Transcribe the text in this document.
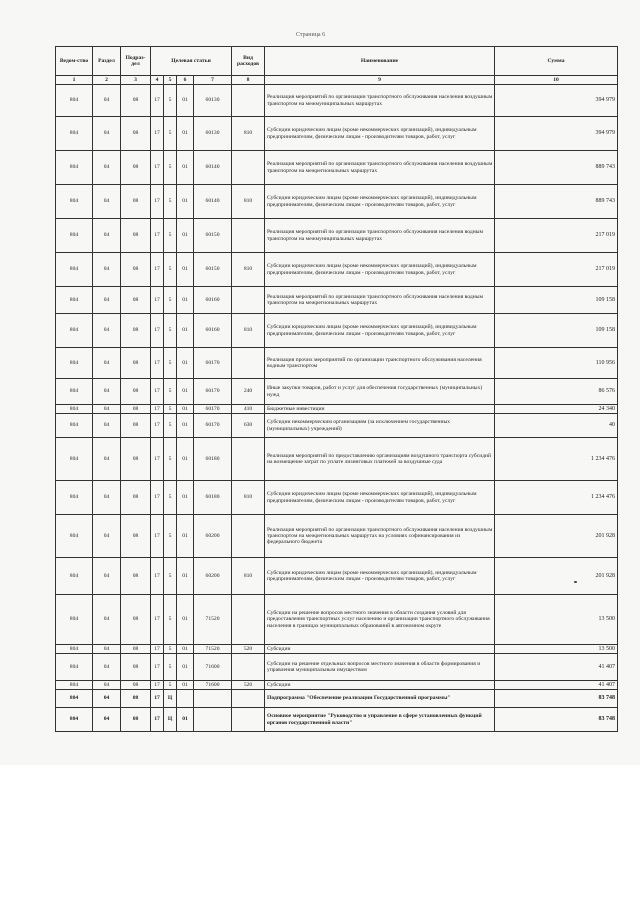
Страница 6
Ведом-ство	Раздел	Подраз-дел	Целевая статьи				Вид расходов	Наименование	Сумма
1	2	3	4	5	6	7	8	9	10
804	04	08	17	5	01	60130		Реализация мероприятий по организации транспортного обслуживания населения воздушным транспортом на межмуниципальных маршрутах	394 979
804	04	08	17	5	01	60130	810	Субсидии юридическим лицам (кроме некоммерческих организаций), индивидуальным предпринимателям, физическим лицам - производителям товаров, работ, услуг	394 979
804	04	08	17	5	01	60140		Реализация мероприятий по организации транспортного обслуживания населения воздушным транспортом на межрегиональных маршрутах	889 743
804	04	08	17	5	01	60140	810	Субсидии юридическим лицам (кроме некоммерческих организаций), индивидуальным предпринимателям, физическим лицам - производителям товаров, работ, услуг	889 743
804	04	08	17	5	01	60150		Реализация мероприятий по организации транспортного обслуживания населения водным транспортом на межмуниципальных маршрутах	217 019
804	04	08	17	5	01	60150	810	Субсидии юридическим лицам (кроме некоммерческих организаций), индивидуальным предпринимателям, физическим лицам - производителям товаров, работ, услуг	217 019
804	04	08	17	5	01	60160		Реализация мероприятий по организации транспортного обслуживания населения водным транспортом на межрегиональных маршрутах	109 158
804	04	08	17	5	01	60160	810	Субсидии юридическим лицам (кроме некоммерческих организаций), индивидуальным предпринимателям, физическим лицам - производителям товаров, работ, услуг	109 158
804	04	08	17	5	01	60170		Реализация прочих мероприятий по организации транспортного обслуживания населения водным транспортом	110 956
804	04	08	17	5	01	60170	240	Иные закупки товаров, работ и услуг для обеспечения государственных (муниципальных) нужд	86 576
804	04	08	17	5	01	60170	410	Бюджетные инвестиции	24 340
804	04	08	17	5	01	60170	630	Субсидии некоммерческим организациям (за исключением государственных (муниципальных) учреждений)	40
804	04	08	17	5	01	60180		Реализация мероприятий по предоставлению организациям воздушного транспорта субсидий на возмещение затрат по уплате лизинговых платежей за воздушные суда	1 234 476
804	04	08	17	5	01	60180	810	Субсидии юридическим лицам (кроме некоммерческих организаций), индивидуальным предпринимателям, физическим лицам - производителям товаров, работ, услуг	1 234 476
804	04	08	17	5	01	60200		Реализация мероприятий по организации транспортного обслуживания населения воздушным транспортом на межрегиональных маршрутах на условиях софинансирования из федерального бюджета	201 928
804	04	08	17	5	01	60200	810	Субсидии юридическим лицам (кроме некоммерческих организаций), индивидуальным предпринимателям, физическим лицам - производителям товаров, работ, услуг	201 928
804	04	08	17	5	01	71520		Субсидии на решение вопросов местного значения в области создания условий для предоставления транспортных услуг населению и организации транспортного обслуживания населения в границах муниципальных образований в автономном округе	13 500
804	04	08	17	5	01	71520	520	Субсидии	13 500
804	04	08	17	5	01	71600		Субсидии на решение отдельных вопросов местного значения в области формирования и управления муниципальным имуществом	41 407
804	04	08	17	5	01	71600	520	Субсидии	41 407
804	04	08	17	Ц				Подпрограмма "Обеспечение реализации Государственной программы"	83 748
804	04	08	17	Ц	01			Основное мероприятие "Руководство и управление в сфере установленных функций органов государственной власти"	83 748
